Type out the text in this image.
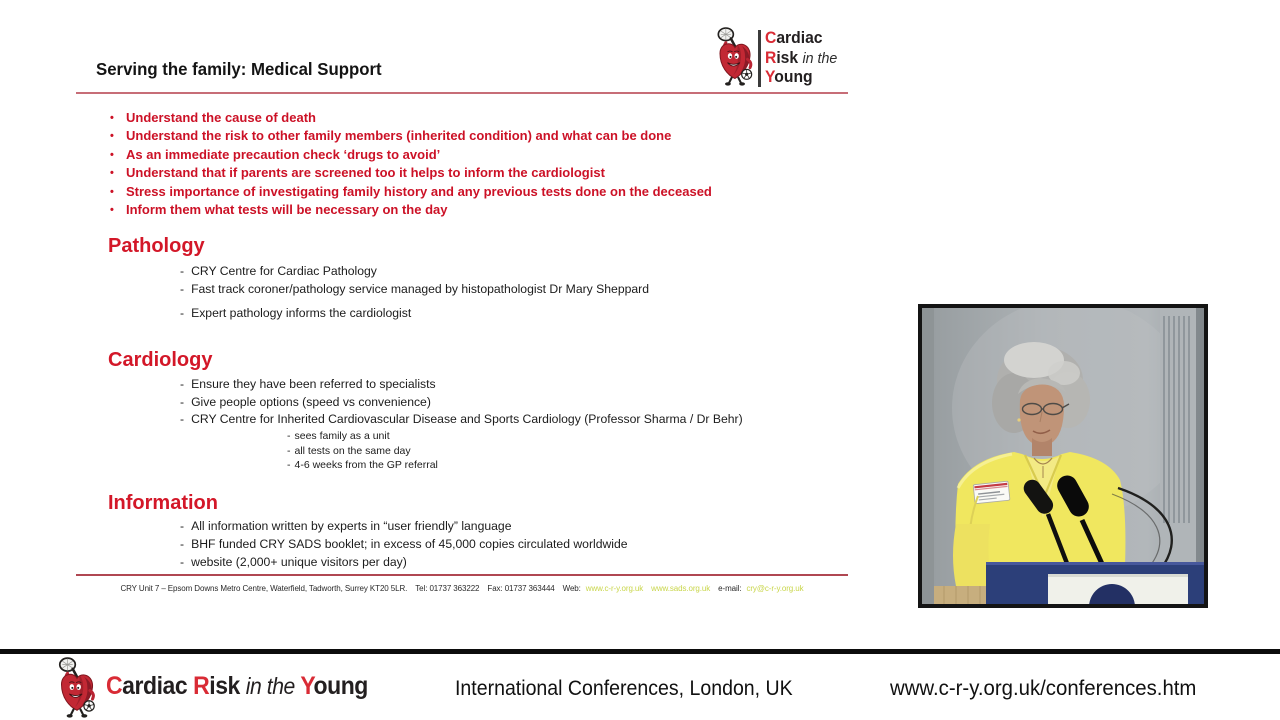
Serving the family: Medical Support
Cardiac
Risk in the
Young
• Understand the cause of death
• Understand the risk to other family members (inherited condition) and what can be done
• As an immediate precaution check ‘drugs to avoid’
• Understand that if parents are screened too it helps to inform the cardiologist
• Stress importance of investigating family history and any previous tests done on the deceased
• Inform them what tests will be necessary on the day
Pathology
- CRY Centre for Cardiac Pathology
- Fast track coroner/pathology service managed by histopathologist Dr Mary Sheppard
- Expert pathology informs the cardiologist
Cardiology
- Ensure they have been referred to specialists
- Give people options (speed vs convenience)
- CRY Centre for Inherited Cardiovascular Disease and Sports Cardiology (Professor Sharma / Dr Behr)
- sees family as a unit
- all tests on the same day
- 4-6 weeks from the GP referral
Information
- All information written by experts in “user friendly” language
- BHF funded CRY SADS booklet; in excess of 45,000 copies circulated worldwide
- website (2,000+ unique visitors per day)
CRY Unit 7 – Epsom Downs Metro Centre, Waterfield, Tadworth, Surrey KT20 5LR. Tel: 01737 363222 Fax: 01737 363444 Web: www.c-r-y.org.uk www.sads.org.uk e-mail: cry@c-r-y.org.uk
Cardiac Risk in the Young	International Conferences, London, UK	www.c-r-y.org.uk/conferences.htm
